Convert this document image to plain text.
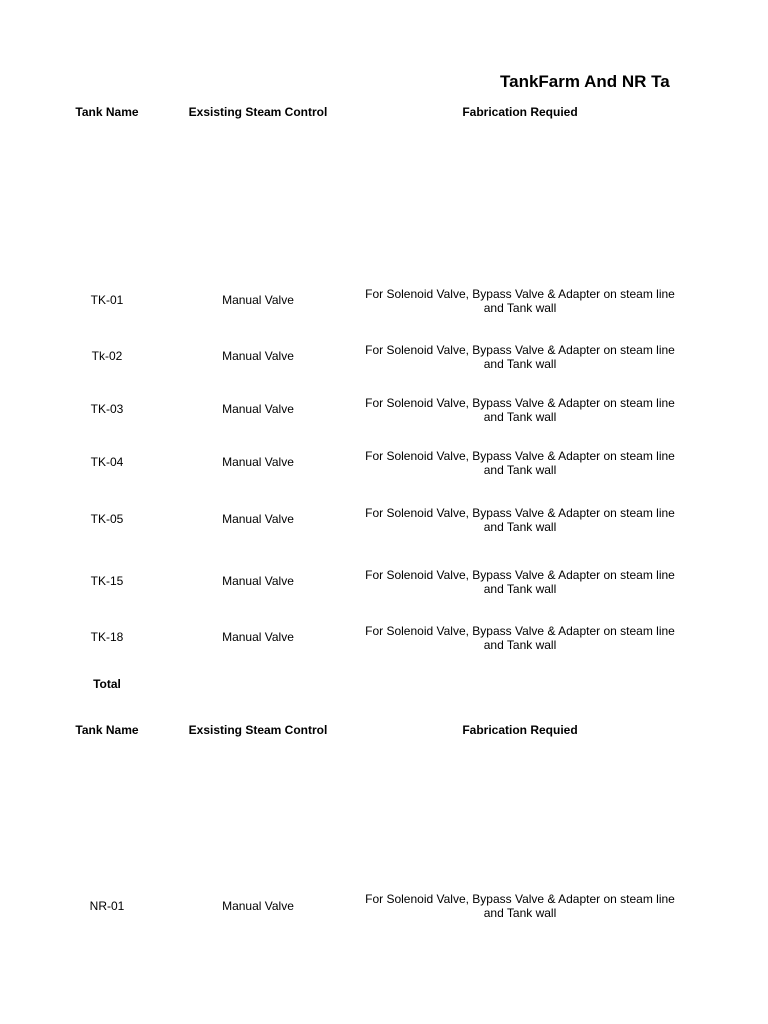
TankFarm And NR Ta
Tank Name	Exsisting Steam Control	Fabrication Requied
TK-01	Manual Valve	For Solenoid Valve, Bypass Valve & Adapter on steam line and Tank wall
Tk-02	Manual Valve	For Solenoid Valve, Bypass Valve & Adapter on steam line and Tank wall
TK-03	Manual Valve	For Solenoid Valve, Bypass Valve & Adapter on steam line and Tank wall
TK-04	Manual Valve	For Solenoid Valve, Bypass Valve & Adapter on steam line and Tank wall
TK-05	Manual Valve	For Solenoid Valve, Bypass Valve & Adapter on steam line and Tank wall
TK-15	Manual Valve	For Solenoid Valve, Bypass Valve & Adapter on steam line and Tank wall
TK-18	Manual Valve	For Solenoid Valve, Bypass Valve & Adapter on steam line and Tank wall
Total
Tank Name	Exsisting Steam Control	Fabrication Requied
NR-01	Manual Valve	For Solenoid Valve, Bypass Valve & Adapter on steam line and Tank wall
